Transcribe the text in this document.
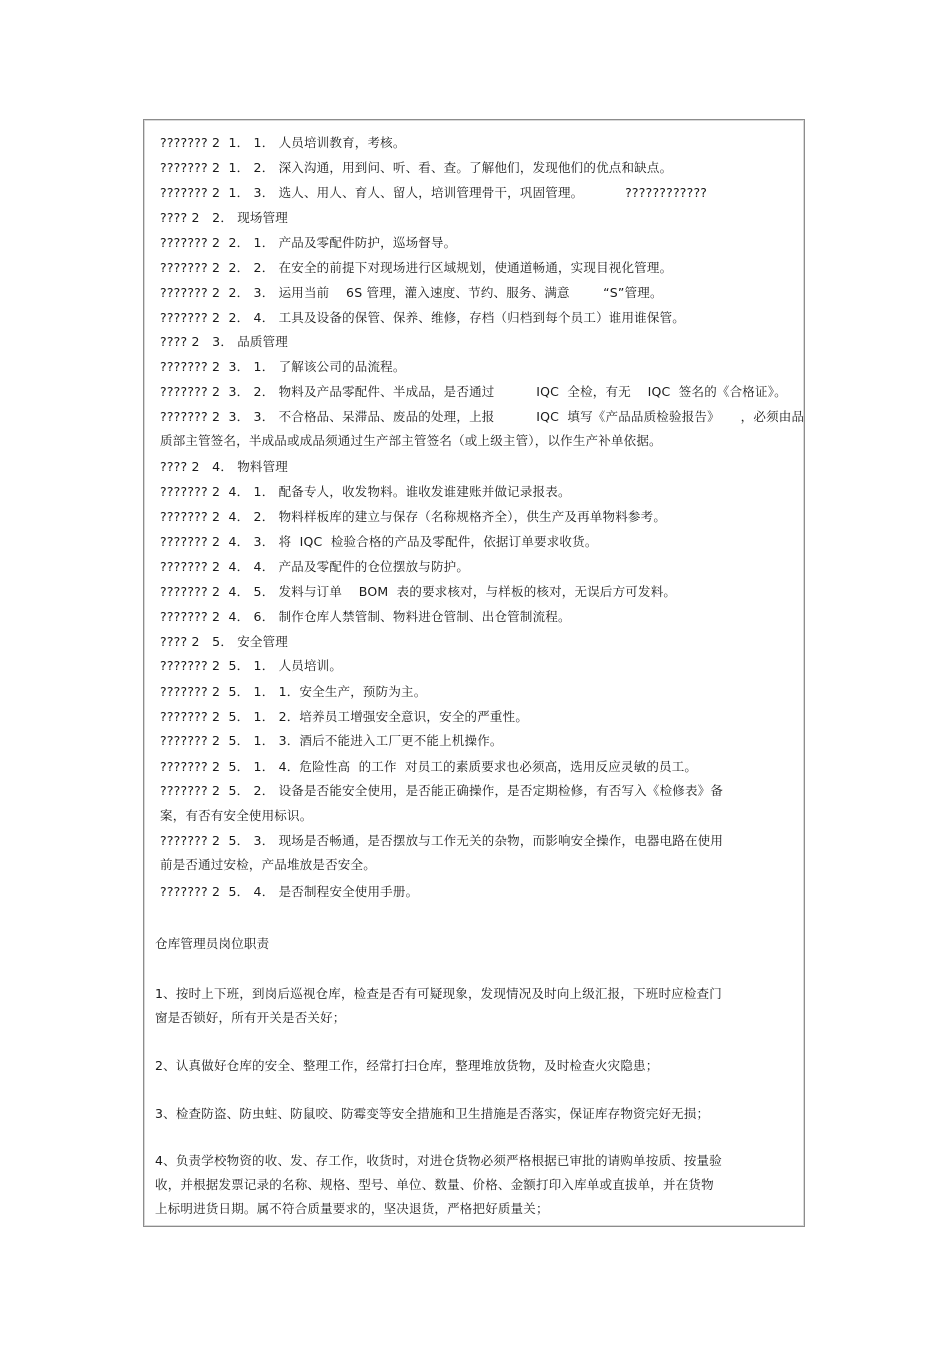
??????? 2  1． 1． 人员培训教育，考核。
??????? 2  1． 2． 深入沟通，用到问、听、看、查。了解他们，发现他们的优点和缺点。
??????? 2  1． 3． 选人、用人、育人、留人，培训管理骨干，巩固管理。          ????????????
???? 2   2． 现场管理
??????? 2  2． 1． 产品及零配件防护，巡场督导。
??????? 2  2． 2． 在安全的前提下对现场进行区域规划，使通道畅通，实现目视化管理。
??????? 2  2． 3． 运用当前    6S 管理，灌入速度、节约、服务、满意        “S”管理。
??????? 2  2． 4． 工具及设备的保管、保养、维修，存档（归档到每个员工）谁用谁保管。
???? 2   3． 品质管理
??????? 2  3． 1． 了解该公司的品流程。
??????? 2  3． 2． 物料及产品零配件、半成品，是否通过          IQC  全检，有无    IQC  签名的《合格证》。
??????? 2  3． 3． 不合格品、呆滞品、废品的处理，上报          IQC  填写《产品品质检验报告》     ，必须由品
质部主管签名，半成品或成品须通过生产部主管签名（或上级主管），以作生产补单依据。
???? 2   4． 物料管理
??????? 2  4． 1． 配备专人，收发物料。谁收发谁建账并做记录报表。
??????? 2  4． 2． 物料样板库的建立与保存（名称规格齐全），供生产及再单物料参考。
??????? 2  4． 3． 将  IQC  检验合格的产品及零配件，依据订单要求收货。
??????? 2  4． 4． 产品及零配件的仓位摆放与防护。
??????? 2  4． 5． 发料与订单    BOM  表的要求核对，与样板的核对，无误后方可发料。
??????? 2  4． 6． 制作仓库人禁管制、物料进仓管制、出仓管制流程。
???? 2   5． 安全管理
??????? 2  5． 1． 人员培训。
??????? 2  5． 1． 1．安全生产，预防为主。
??????? 2  5． 1． 2．培养员工增强安全意识，安全的严重性。
??????? 2  5． 1． 3．酒后不能进入工厂更不能上机操作。
??????? 2  5． 1． 4．危险性高  的工作  对员工的素质要求也必须高，选用反应灵敏的员工。
??????? 2  5． 2． 设备是否能安全使用，是否能正确操作，是否定期检修，有否写入《检修表》备
案，有否有安全使用标识。
??????? 2  5． 3． 现场是否畅通，是否摆放与工作无关的杂物，而影响安全操作，电器电路在使用
前是否通过安检，产品堆放是否安全。
??????? 2  5． 4． 是否制程安全使用手册。
仓库管理员岗位职责
1、按时上下班，到岗后巡视仓库，检查是否有可疑现象，发现情况及时向上级汇报，下班时应检查门
窗是否锁好，所有开关是否关好；
2、认真做好仓库的安全、整理工作，经常打扫仓库，整理堆放货物，及时检查火灾隐患；
3、检查防盗、防虫蛀、防鼠咬、防霉变等安全措施和卫生措施是否落实，保证库存物资完好无损；
4、负责学校物资的收、发、存工作，收货时，对进仓货物必须严格根据已审批的请购单按质、按量验
收，并根据发票记录的名称、规格、型号、单位、数量、价格、金额打印入库单或直拔单，并在货物
上标明进货日期。属不符合质量要求的，坚决退货，严格把好质量关；
